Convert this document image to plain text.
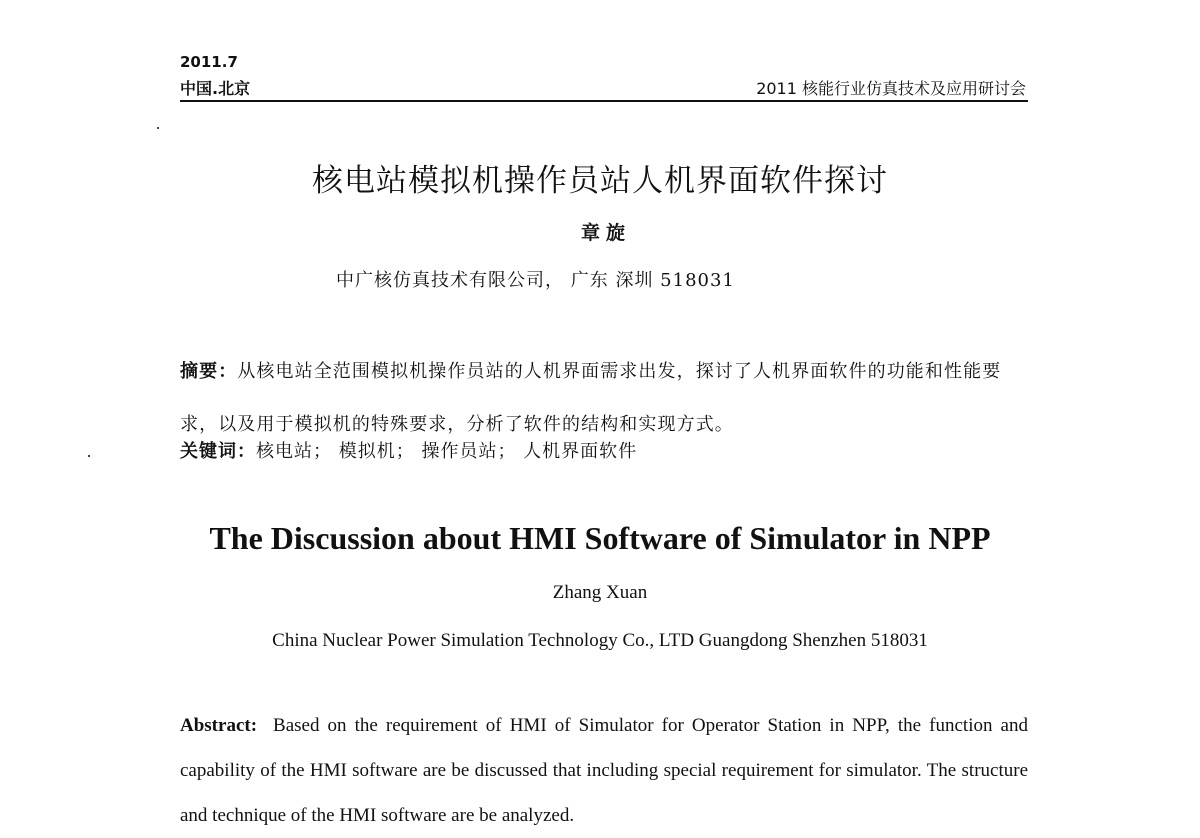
2011.7
中国.北京	2011 核能行业仿真技术及应用研讨会
核电站模拟机操作员站人机界面软件探讨
章旋
中广核仿真技术有限公司， 广东 深圳 518031
摘要：从核电站全范围模拟机操作员站的人机界面需求出发，探讨了人机界面软件的功能和性能要求，以及用于模拟机的特殊要求，分析了软件的结构和实现方式。
关键词：核电站； 模拟机； 操作员站； 人机界面软件
The Discussion about HMI Software of Simulator in NPP
Zhang Xuan
China Nuclear Power Simulation Technology Co., LTD Guangdong Shenzhen 518031
Abstract: Based on the requirement of HMI of Simulator for Operator Station in NPP, the function and capability of the HMI software are be discussed that including special requirement for simulator. The structure and technique of the HMI software are be analyzed.
